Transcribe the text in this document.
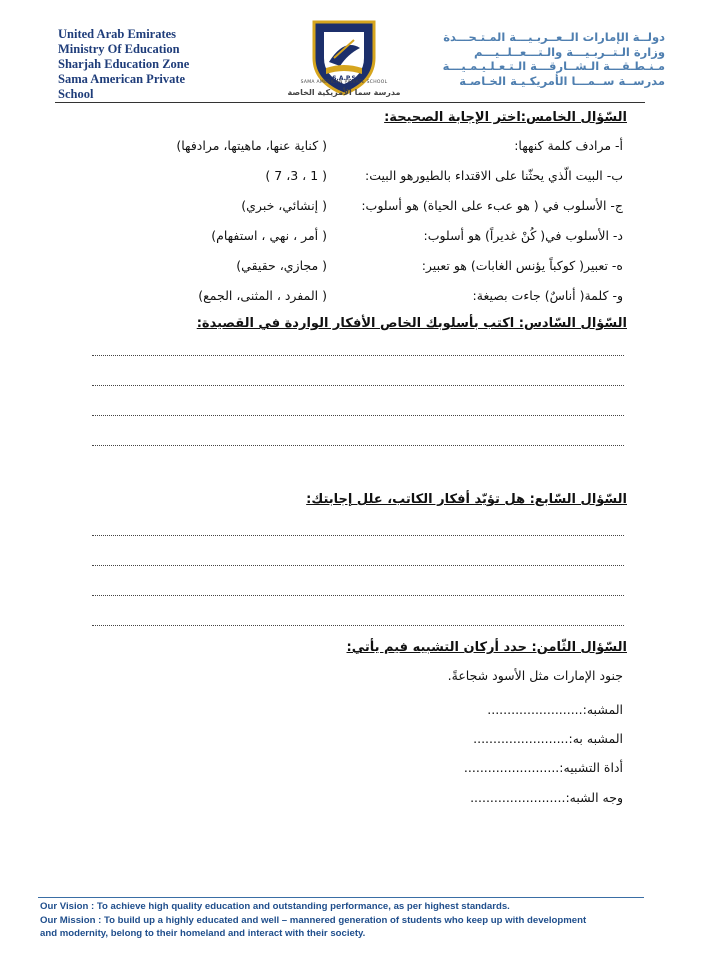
United Arab Emirates
Ministry Of Education
Sharjah Education Zone
Sama American Private
School
S.A.P.S
SAMA AMERICAN PRIVATE SCHOOL
مدرسة سما الأمريكية الخاصة
دولــة الإمارات الــعــربـيـــة المـتـحـــدة
وزارة الـتــربـيـــة والـتـــعــلــيـــم
مـنـطـقـــة الـشــارقـــة الـتـعـلـيـمـيـــة
مدرســة ســمـــا الأمريكـيـة الخـاصـة
السّؤال الخامس:اختر الإجابة الصحيحة:
أ- مرادف كلمة كنهها:
( كناية عنها، ماهيتها، مرادفها)
ب- البيت الّذي يحثّنا على الاقتداء بالطيورهو البيت:
( 1 ، 3، 7 )
ج- الأسلوب في ( هو عبء على الحياة) هو أسلوب:
( إنشائي، خبري)
د- الأسلوب في( كُنْ غديراً) هو أسلوب:
( أمر ، نهي ، استفهام)
ه- تعبير( كوكباً يؤنس الغابات) هو تعبير:
( مجازي، حقيقي)
و- كلمة( أناسٌ) جاءت بصيغة:
( المفرد ، المثنى، الجمع)
السّؤال السّادس: اكتب بأسلوبك الخاص الأفكار الواردة في القصيدة:
السّؤال السّابع: هل تؤيّد أفكار الكاتب، علل إجابتك:
السّؤال الثّامن: حدد أركان التشبيه فيم يأتي:
جنود الإمارات مثل الأسود شجاعةً.
المشبه:........................
المشبه به:........................
أداة التشبيه:........................
وجه الشبه:........................
Our Vision : To achieve high quality education and outstanding performance, as per highest standards.
Our Mission : To build up a highly educated and well – mannered generation of students who keep up with development
and modernity, belong to their homeland and interact with their society.
